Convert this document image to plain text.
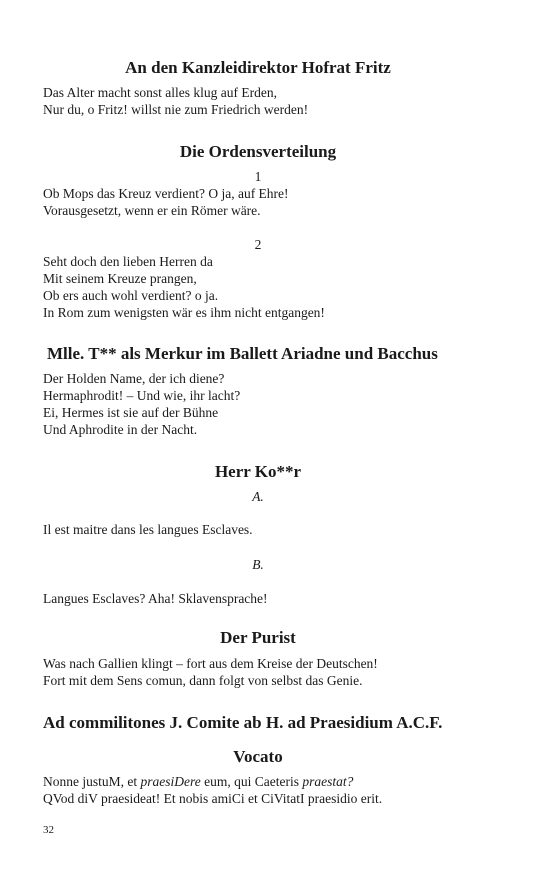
An den Kanzleidirektor Hofrat Fritz
Das Alter macht sonst alles klug auf Erden,
Nur du, o Fritz! willst nie zum Friedrich werden!
Die Ordensverteilung
1
Ob Mops das Kreuz verdient? O ja, auf Ehre!
Vorausgesetzt, wenn er ein Römer wäre.
2
Seht doch den lieben Herren da
Mit seinem Kreuze prangen,
Ob ers auch wohl verdient? o ja.
In Rom zum wenigsten wär es ihm nicht entgangen!
Mlle. T** als Merkur im Ballett Ariadne und Bacchus
Der Holden Name, der ich diene?
Hermaphrodit! – Und wie, ihr lacht?
Ei, Hermes ist sie auf der Bühne
Und Aphrodite in der Nacht.
Herr Ko**r
A.
Il est maitre dans les langues Esclaves.
B.
Langues Esclaves? Aha! Sklavensprache!
Der Purist
Was nach Gallien klingt – fort aus dem Kreise der Deutschen!
Fort mit dem Sens comun, dann folgt von selbst das Genie.
Ad commilitones J. Comite ab H. ad Praesidium A.C.F.
Vocato
Nonne justuM, et praesiDere eum, qui Caeteris praestat?
QVod diV praesideat! Et nobis amiCi et CiVitatI praesidio erit.
32
